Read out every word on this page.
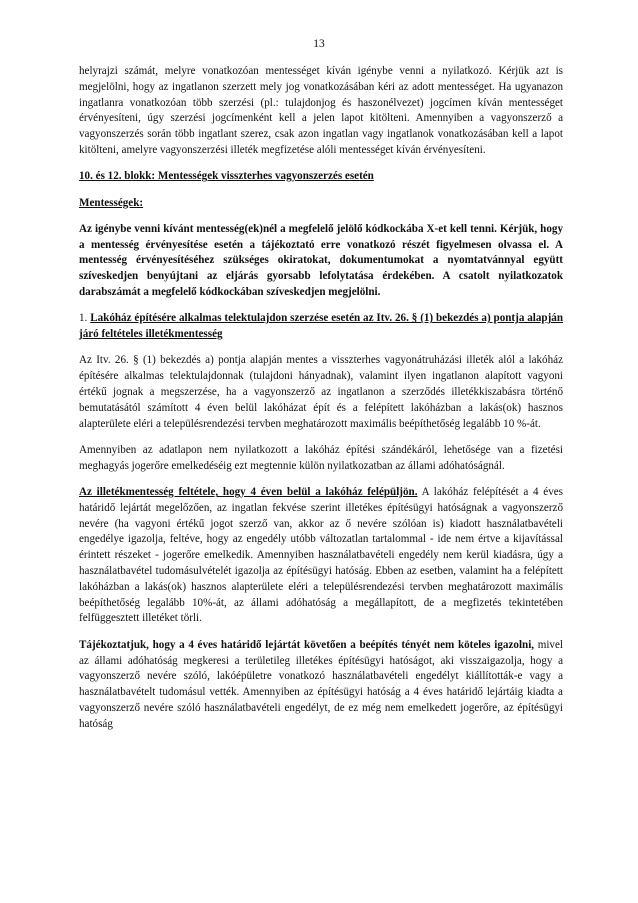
13

helyrajzi számát, melyre vonatkozóan mentességet kíván igénybe venni a nyilatkozó. Kérjük azt is megjelölni, hogy az ingatlanon szerzett mely jog vonatkozásában kéri az adott mentességet. Ha ugyanazon ingatlanra vonatkozóan több szerzési (pl.: tulajdonjog és haszonélvezet) jogcímen kíván mentességet érvényesíteni, úgy szerzési jogcímenként kell a jelen lapot kitölteni. Amennyiben a vagyonszerző a vagyonszerzés során több ingatlant szerez, csak azon ingatlan vagy ingatlanok vonatkozásában kell a lapot kitölteni, amelyre vagyonszerzési illeték megfizetése alóli mentességet kíván érvényesíteni.

10. és 12. blokk: Mentességek visszterhes vagyonszerzés esetén

Mentességek:

Az igénybe venni kívánt mentesség(ek)nél a megfelelő jelölő kódkockába X-et kell tenni. Kérjük, hogy a mentesség érvényesítése esetén a tájékoztató erre vonatkozó részét figyelmesen olvassa el. A mentesség érvényesítéséhez szükséges okiratokat, dokumentumokat a nyomtatvánnyal együtt szíveskedjen benyújtani az eljárás gyorsabb lefolytatása érdekében. A csatolt nyilatkozatok darabszámát a megfelelő kódkockában szíveskedjen megjelölni.

1. Lakóház építésére alkalmas telektulajdon szerzése esetén az Itv. 26. § (1) bekezdés a) pontja alapján járó feltételes illetékmentesség

Az Itv. 26. § (1) bekezdés a) pontja alapján mentes a visszterhes vagyonátruházási illeték alól a lakóház építésére alkalmas telektulajdonnak (tulajdoni hányadnak), valamint ilyen ingatlanon alapított vagyoni értékű jognak a megszerzése, ha a vagyonszerző az ingatlanon a szerződés illetékkiszabásra történő bemutatásától számított 4 éven belül lakóházat épít és a felépített lakóházban a lakás(ok) hasznos alapterülete eléri a településrendezési tervben meghatározott maximális beépíthetőség legalább 10 %-át.

Amennyiben az adatlapon nem nyilatkozott a lakóház építési szándékáról, lehetősége van a fizetési meghagyás jogerőre emelkedéséig ezt megtennie külön nyilatkozatban az állami adóhatóságnál.

Az illetékmentesség feltétele, hogy 4 éven belül a lakóház felépüljön. A lakóház felépítését a 4 éves határidő lejártát megelőzően, az ingatlan fekvése szerint illetékes építésügyi hatóságnak a vagyonszerző nevére (ha vagyoni értékű jogot szerző van, akkor az ő nevére szólóan is) kiadott használatbavételi engedélye igazolja, feltéve, hogy az engedély utóbb változatlan tartalommal - ide nem értve a kijavítással érintett részeket - jogerőre emelkedik. Amennyiben használatbavételi engedély nem kerül kiadásra, úgy a használatbavétel tudomásulvételét igazolja az építésügyi hatóság. Ebben az esetben, valamint ha a felépített lakóházban a lakás(ok) hasznos alapterülete eléri a településrendezési tervben meghatározott maximális beépíthetőség legalább 10%-át, az állami adóhatóság a megállapított, de a megfizetés tekintetében felfüggesztett illetéket törli.

Tájékoztatjuk, hogy a 4 éves határidő lejártát követően a beépítés tényét nem köteles igazolni, mivel az állami adóhatóság megkeresi a területileg illetékes építésügyi hatóságot, aki visszaigazolja, hogy a vagyonszerző nevére szóló, lakóépületre vonatkozó használatbavételi engedélyt kiállították-e vagy a használatbavételt tudomásul vették. Amennyiben az építésügyi hatóság a 4 éves határidő lejártáig kiadta a vagyonszerző nevére szóló használatbavételi engedélyt, de ez még nem emelkedett jogerőre, az építésügyi hatóság
